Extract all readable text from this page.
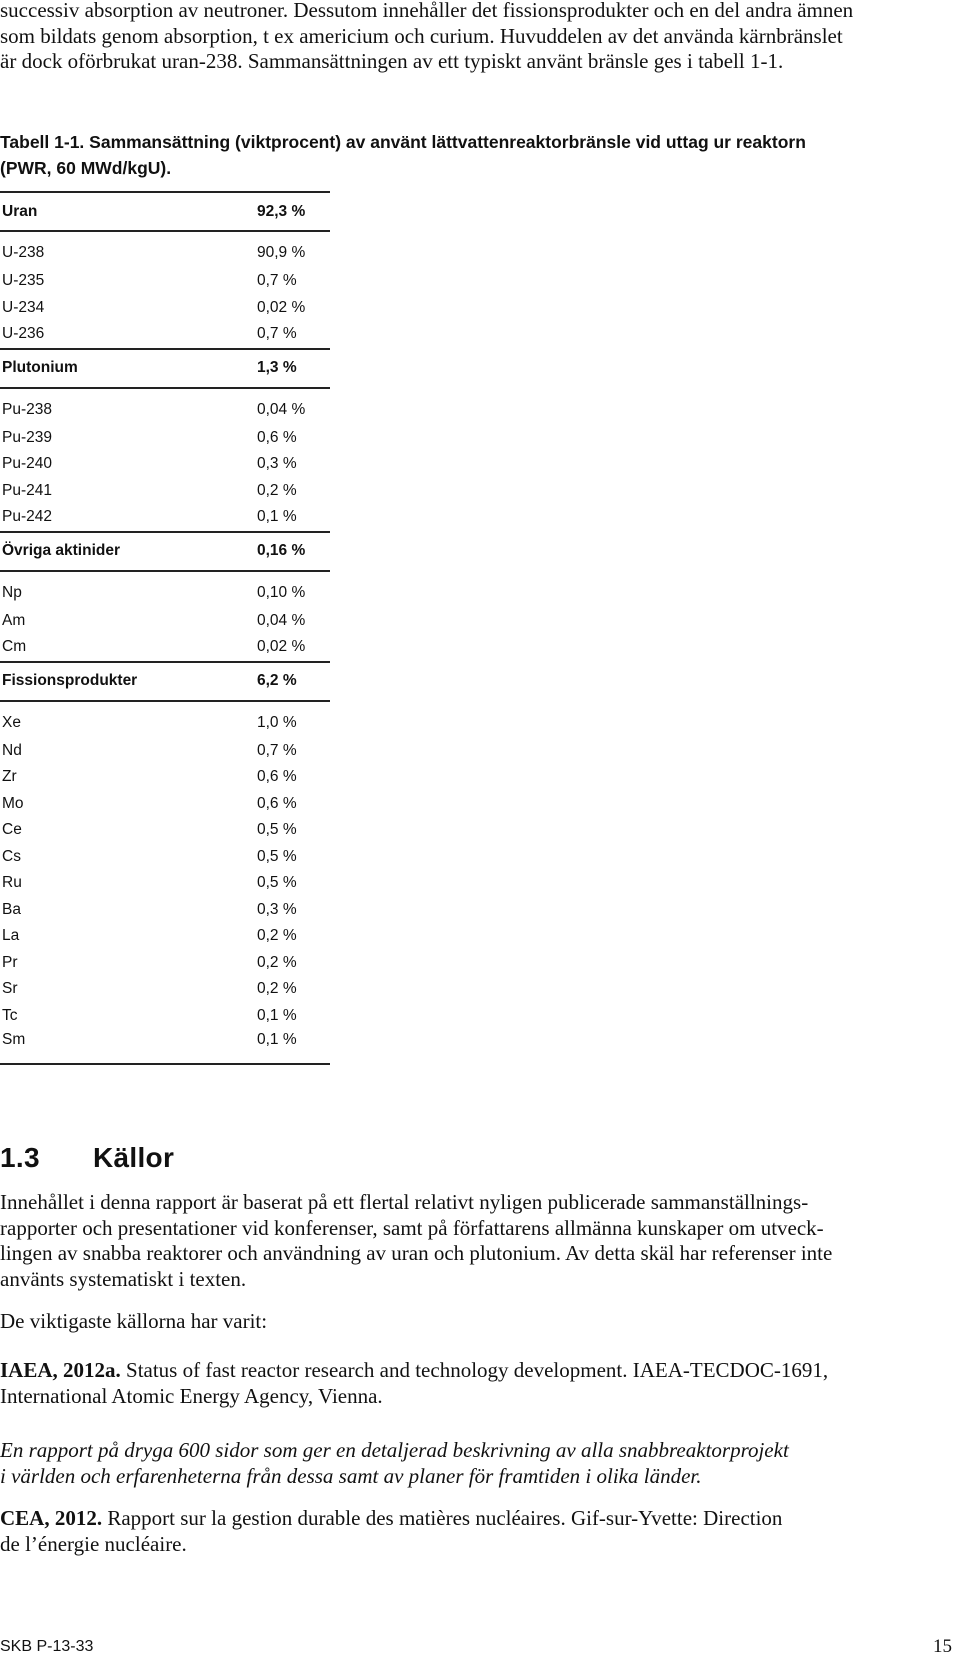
successiv absorption av neutroner. Dessutom innehåller det fissionsprodukter och en del andra ämnen
som bildats genom absorption, t ex americium och curium. Huvuddelen av det använda kärnbränslet
är dock oförbrukat uran-238. Sammansättningen av ett typiskt använt bränsle ges i tabell 1-1.
Tabell 1-1. Sammansättning (viktprocent) av använt lättvattenreaktorbränsle vid uttag ur reaktorn
(PWR, 60 MWd/kgU).
Uran	92,3 %
U-238	90,9 %
U-235	0,7 %
U-234	0,02 %
U-236	0,7 %
Plutonium	1,3 %
Pu-238	0,04 %
Pu-239	0,6 %
Pu-240	0,3 %
Pu-241	0,2 %
Pu-242	0,1 %
Övriga aktinider	0,16 %
Np	0,10 %
Am	0,04 %
Cm	0,02 %
Fissionsprodukter	6,2 %
Xe	1,0 %
Nd	0,7 %
Zr	0,6 %
Mo	0,6 %
Ce	0,5 %
Cs	0,5 %
Ru	0,5 %
Ba	0,3 %
La	0,2 %
Pr	0,2 %
Sr	0,2 %
Tc	0,1 %
Sm	0,1 %
1.3 Källor
Innehållet i denna rapport är baserat på ett flertal relativt nyligen publicerade sammanställnings-
rapporter och presentationer vid konferenser, samt på författarens allmänna kunskaper om utveck-
lingen av snabba reaktorer och användning av uran och plutonium. Av detta skäl har referenser inte
använts systematiskt i texten.
De viktigaste källorna har varit:
IAEA, 2012a. Status of fast reactor research and technology development. IAEA-TECDOC-1691,
International Atomic Energy Agency, Vienna.
En rapport på dryga 600 sidor som ger en detaljerad beskrivning av alla snabbreaktorprojekt
i världen och erfarenheterna från dessa samt av planer för framtiden i olika länder.
CEA, 2012. Rapport sur la gestion durable des matières nucléaires. Gif-sur-Yvette: Direction
de l’énergie nucléaire.
SKB P-13-33	15
